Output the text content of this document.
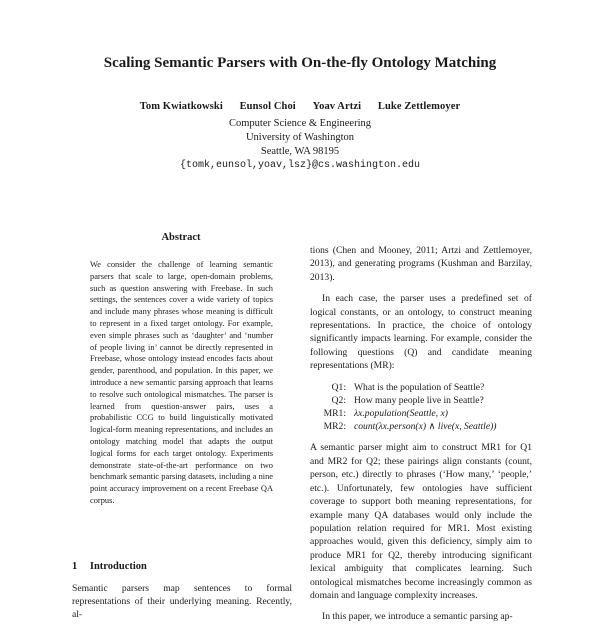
Scaling Semantic Parsers with On-the-fly Ontology Matching
Tom Kwiatkowski Eunsol Choi Yoav Artzi Luke Zettlemoyer
Computer Science & Engineering
University of Washington
Seattle, WA 98195
{tomk,eunsol,yoav,lsz}@cs.washington.edu
Abstract
We consider the challenge of learning semantic parsers that scale to large, open-domain problems, such as question answering with Freebase. In such settings, the sentences cover a wide variety of topics and include many phrases whose meaning is difficult to represent in a fixed target ontology. For example, even simple phrases such as ‘daughter’ and ‘number of people living in’ cannot be directly represented in Freebase, whose ontology instead encodes facts about gender, parenthood, and population. In this paper, we introduce a new semantic parsing approach that learns to resolve such ontological mismatches. The parser is learned from question-answer pairs, uses a probabilistic CCG to build linguistically motivated logical-form meaning representations, and includes an ontology matching model that adapts the output logical forms for each target ontology. Experiments demonstrate state-of-the-art performance on two benchmark semantic parsing datasets, including a nine point accuracy improvement on a recent Freebase QA corpus.
1 Introduction
Semantic parsers map sentences to formal representations of their underlying meaning. Recently, al-

tions (Chen and Mooney, 2011; Artzi and Zettlemoyer, 2013), and generating programs (Kushman and Barzilay, 2013).

In each case, the parser uses a predefined set of logical constants, or an ontology, to construct meaning representations. In practice, the choice of ontology significantly impacts learning. For example, consider the following questions (Q) and candidate meaning representations (MR):

Q1: What is the population of Seattle?
Q2: How many people live in Seattle?
MR1: λx.population(Seattle, x)
MR2: count(λx.person(x) ∧ live(x, Seattle))

A semantic parser might aim to construct MR1 for Q1 and MR2 for Q2; these pairings align constants (count, person, etc.) directly to phrases (‘How many,’ ‘people,’ etc.). Unfortunately, few ontologies have sufficient coverage to support both meaning representations, for example many QA databases would only include the population relation required for MR1. Most existing approaches would, given this deficiency, simply aim to produce MR1 for Q2, thereby introducing significant lexical ambiguity that complicates learning. Such ontological mismatches become increasingly common as domain and language complexity increases.

In this paper, we introduce a semantic parsing ap-
